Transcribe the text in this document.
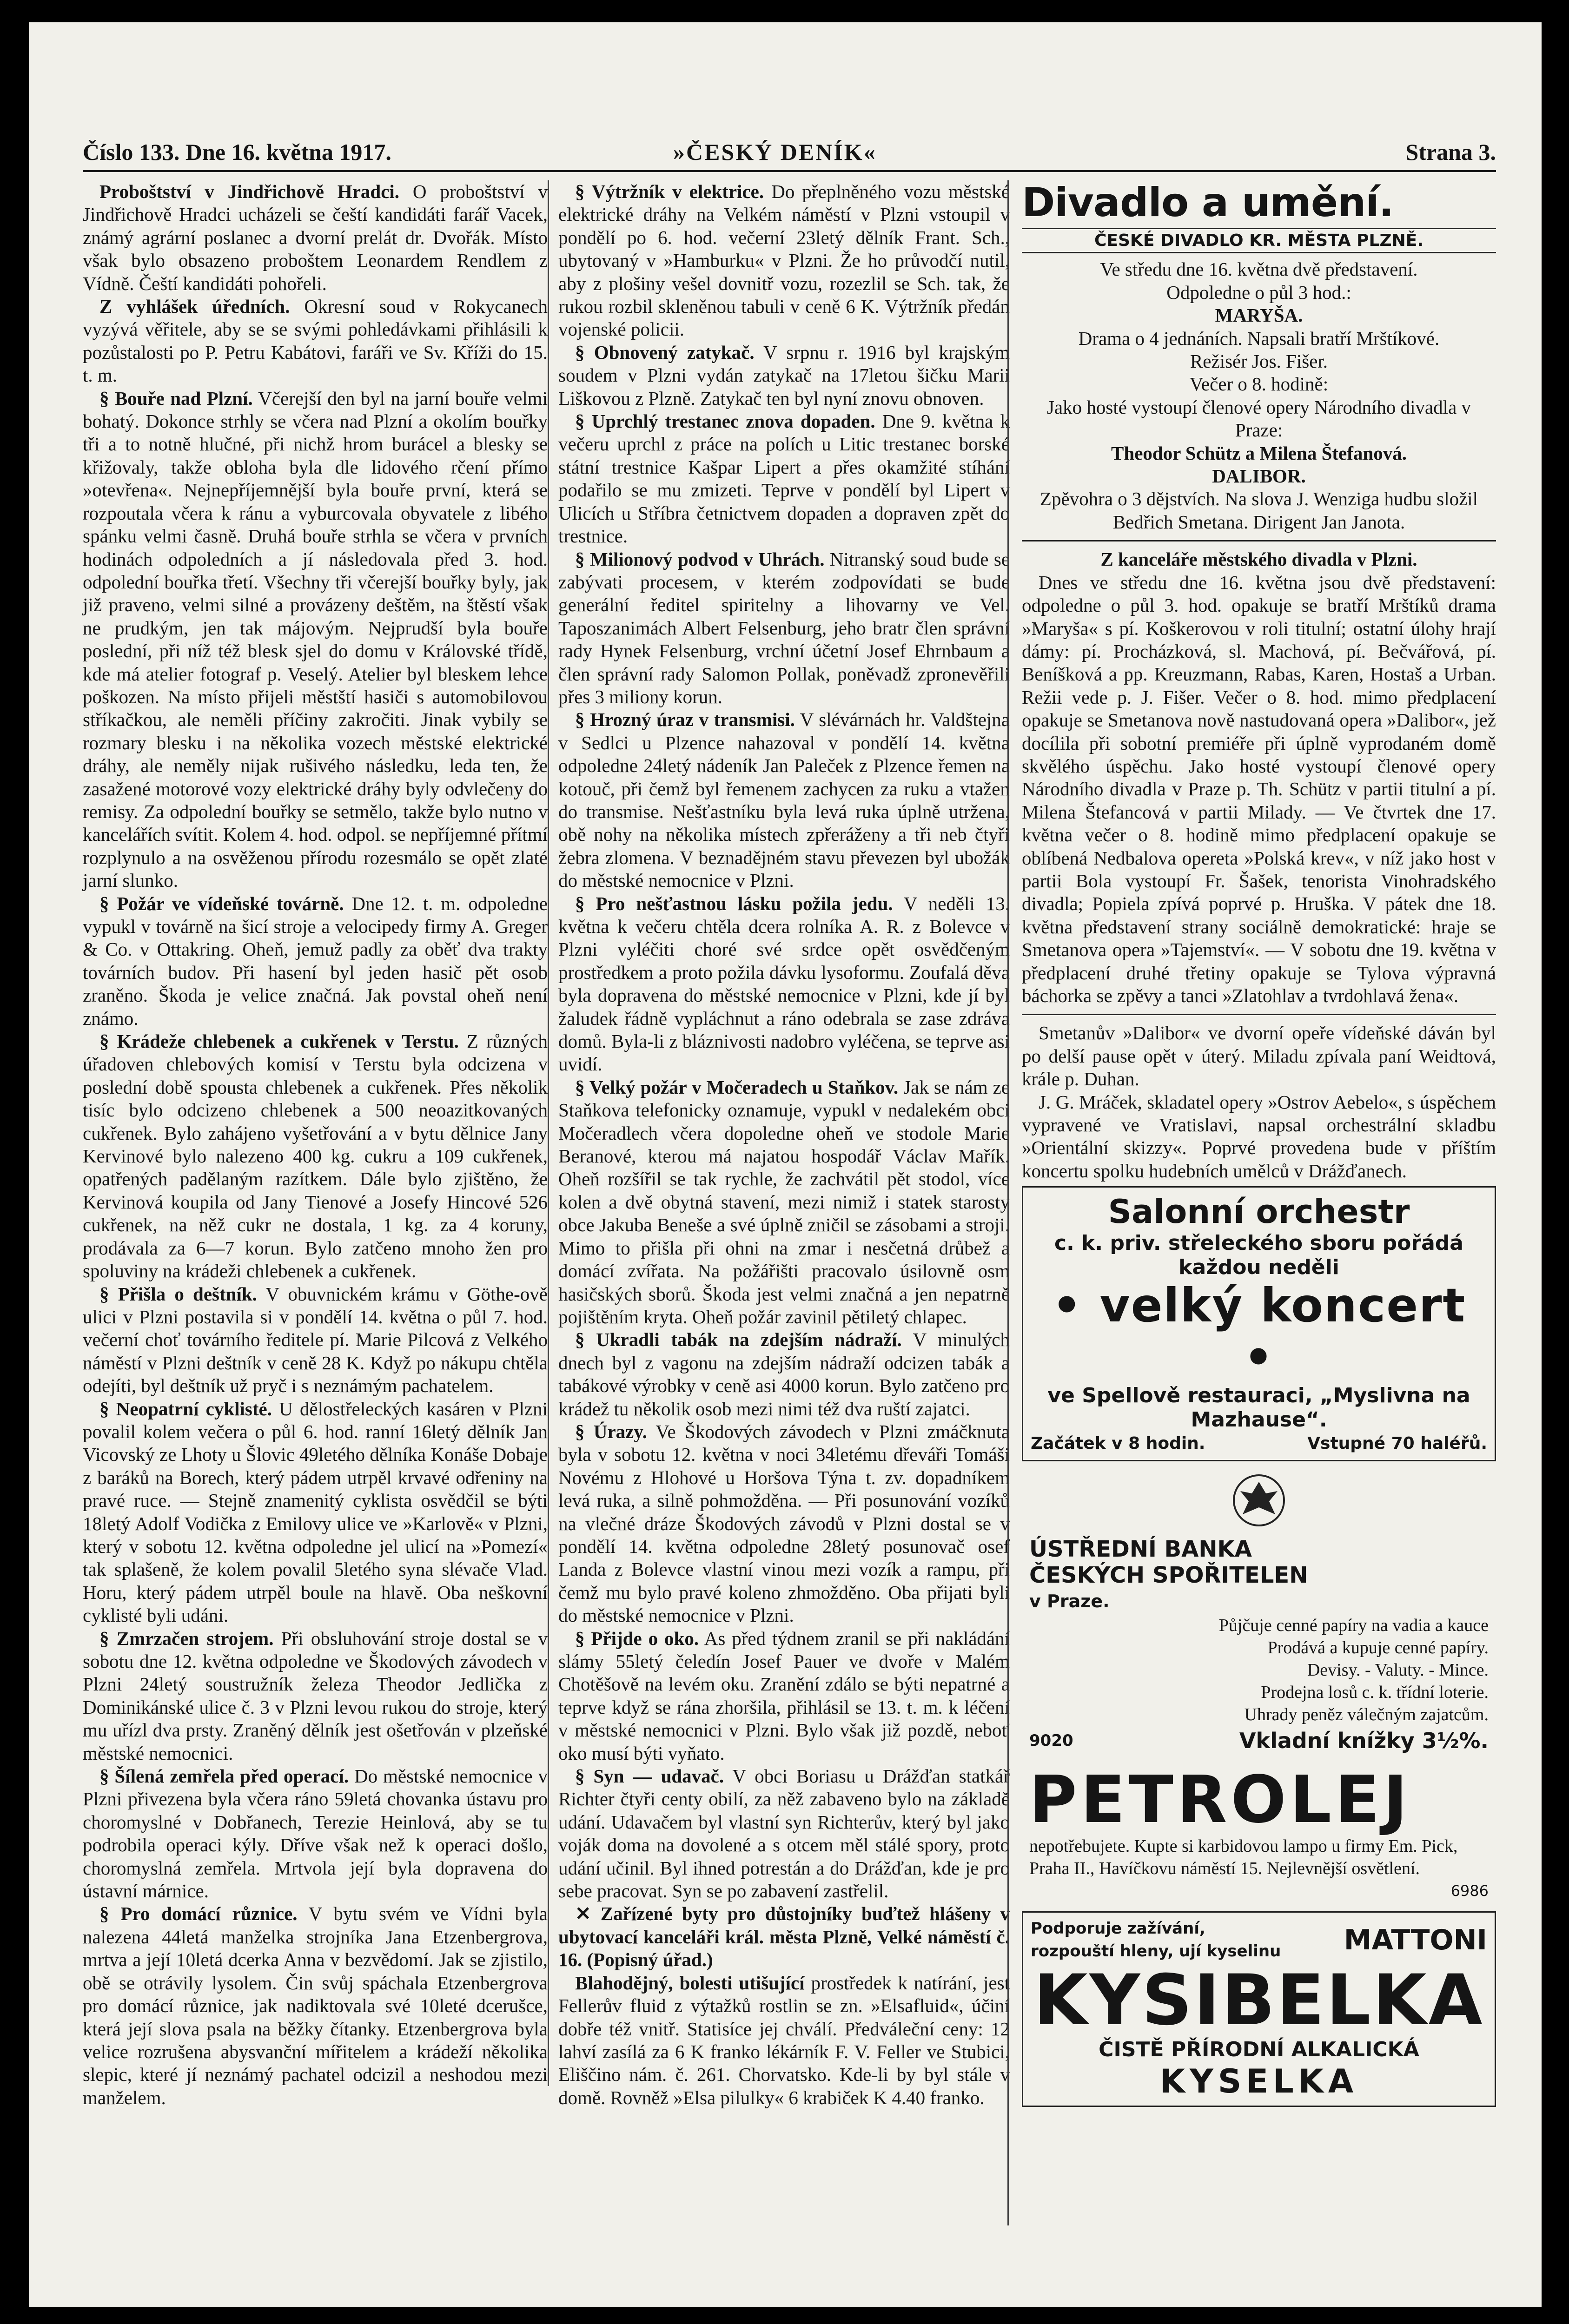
Číslo 133. Dne 16. května 1917.	»ČESKÝ DENÍK«	Strana 3.

Proboštství v Jindřichově Hradci. O proboštství v Jindřichově Hradci ucházeli se čeští kandidáti farář Vacek, známý agrární poslanec a dvorní prelát dr. Dvořák. Místo však bylo obsazeno proboštem Leonardem Rendlem z Vídně. Čeští kandidáti pohořeli.

Z vyhlášek úředních. Okresní soud v Rokycanech vyzývá věřitele, aby se se svými pohledávkami přihlásili k pozůstalosti po P. Petru Kabátovi, faráři ve Sv. Kříži do 15. t. m.

§ Bouře nad Plzní. Včerejší den byl na jarní bouře velmi bohatý. Dokonce strhly se včera nad Plzní a okolím bouřky tři a to notně hlučné, při nichž hrom burácel a blesky se křižovaly, takže obloha byla dle lidového rčení přímo »otevřena«. Nejnepříjemnější byla bouře první, která se rozpoutala včera k ránu a vyburcovala obyvatele z libého spánku velmi časně. Druhá bouře strhla se včera v prvních hodinách odpoledních a jí následovala před 3. hod. odpolední bouřka třetí. Všechny tři včerejší bouřky byly, jak již praveno, velmi silné a provázeny deštěm, na štěstí však ne prudkým, jen tak májovým. Nejprudší byla bouře poslední, při níž též blesk sjel do domu v Královské třídě, kde má atelier fotograf p. Veselý. Atelier byl bleskem lehce poškozen. Na místo přijeli městští hasiči s automobilovou stříkačkou, ale neměli příčiny zakročiti. Jinak vybily se rozmary blesku i na několika vozech městské elektrické dráhy, ale neměly nijak rušivého následku, leda ten, že zasažené motorové vozy elektrické dráhy byly odvlečeny do remisy. Za odpolední bouřky se setmělo, takže bylo nutno v kancelářích svítit. Kolem 4. hod. odpol. se nepříjemné přítmí rozplynulo a na osvěženou přírodu rozesmálo se opět zlaté jarní slunko.

§ Požár ve vídeňské továrně. Dne 12. t. m. odpoledne vypukl v továrně na šicí stroje a velocipedy firmy A. Greger & Co. v Ottakring. Oheň, jemuž padly za oběť dva trakty továrních budov. Při hasení byl jeden hasič pět osob zraněno. Škoda je velice značná. Jak povstal oheň není známo.

§ Krádeže chlebenek a cukřenek v Terstu. Z různých úřadoven chlebových komisí v Terstu byla odcizena v poslední době spousta chlebenek a cukřenek. Přes několik tisíc bylo odcizeno chlebenek a 500 neoazitkovaných cukřenek. Bylo zahájeno vyšetřování a v bytu dělnice Jany Kervinové bylo nalezeno 400 kg. cukru a 109 cukřenek, opatřených padělaným razítkem. Dále bylo zjištěno, že Kervinová koupila od Jany Tienové a Josefy Hincové 526 cukřenek, na něž cukr ne dostala, 1 kg. za 4 koruny, prodávala za 6—7 korun. Bylo zatčeno mnoho žen pro spoluviny na krádeži chlebenek a cukřenek.

§ Přišla o deštník. V obuvnickém krámu v Göthe-ově ulici v Plzni postavila si v pondělí 14. května o půl 7. hod. večerní choť továrního ředitele pí. Marie Pilcová z Velkého náměstí v Plzni deštník v ceně 28 K. Když po nákupu chtěla odejíti, byl deštník už pryč i s neznámým pachatelem.

§ Neopatrní cyklisté. U dělostřeleckých kasáren v Plzni povalil kolem večera o půl 6. hod. ranní 16letý dělník Jan Vicovský ze Lhoty u Šlovic 49letého dělníka Konáše Dobaje z baráků na Borech, který pádem utrpěl krvavé odřeniny na pravé ruce. — Stejně znamenitý cyklista osvědčil se býti 18letý Adolf Vodička z Emilovy ulice ve »Karlově« v Plzni, který v sobotu 12. května odpoledne jel ulicí na »Pomezí« tak splašeně, že kolem povalil 5letého syna slévače Vlad. Horu, který pádem utrpěl boule na hlavě. Oba neškovní cyklisté byli udáni.

§ Zmrzačen strojem. Při obsluhování stroje dostal se v sobotu dne 12. května odpoledne ve Škodových závodech v Plzni 24letý soustružník železa Theodor Jedlička z Dominikánské ulice č. 3 v Plzni levou rukou do stroje, který mu uřízl dva prsty. Zraněný dělník jest ošetřován v plzeňské městské nemocnici.

§ Šílená zemřela před operací. Do městské nemocnice v Plzni přivezena byla včera ráno 59letá chovanka ústavu pro choromyslné v Dobřanech, Terezie Heinlová, aby se tu podrobila operaci kýly. Dříve však než k operaci došlo, choromyslná zemřela. Mrtvola její byla dopravena do ústavní márnice.

§ Pro domácí různice. V bytu svém ve Vídni byla nalezena 44letá manželka strojníka Jana Etzenbergrova, mrtva a její 10letá dcerka Anna v bezvědomí. Jak se zjistilo, obě se otrávily lysolem. Čin svůj spáchala Etzenbergrova pro domácí různice, jak nadiktovala své 10leté dcerušce, která její slova psala na běžky čítanky. Etzenbergrova byla velice rozrušena abysvanční mířitelem a krádeží několika slepic, které jí neznámý pachatel odcizil a neshodou mezi manželem.

§ Výtržník v elektrice. Do přeplněného vozu městské elektrické dráhy na Velkém náměstí v Plzni vstoupil v pondělí po 6. hod. večerní 23letý dělník Frant. Sch., ubytovaný v »Hamburku« v Plzni. Že ho průvodčí nutil, aby z plošiny vešel dovnitř vozu, rozezlil se Sch. tak, že rukou rozbil skleněnou tabuli v ceně 6 K. Výtržník předán vojenské policii.

§ Obnovený zatykač. V srpnu r. 1916 byl krajským soudem v Plzni vydán zatykač na 17letou šičku Marii Liškovou z Plzně. Zatykač ten byl nyní znovu obnoven.

§ Uprchlý trestanec znova dopaden. Dne 9. května k večeru uprchl z práce na polích u Litic trestanec borské státní trestnice Kašpar Lipert a přes okamžité stíhání podařilo se mu zmizeti. Teprve v pondělí byl Lipert v Ulicích u Stříbra četnictvem dopaden a dopraven zpět do trestnice.

§ Milionový podvod v Uhrách. Nitranský soud bude se zabývati procesem, v kterém zodpovídati se bude generální ředitel spiritelny a lihovarny ve Vel. Taposzanimách Albert Felsenburg, jeho bratr člen správní rady Hynek Felsenburg, vrchní účetní Josef Ehrnbaum a člen správní rady Salomon Pollak, poněvadž zpronevěřili přes 3 miliony korun.

§ Hrozný úraz v transmisi. V slévárnách hr. Valdštejna v Sedlci u Plzence nahazoval v pondělí 14. května odpoledne 24letý nádeník Jan Paleček z Plzence řemen na kotouč, při čemž byl řemenem zachycen za ruku a vtažen do transmise. Nešťastníku byla levá ruka úplně utržena, obě nohy na několika místech zpřeráženy a tři neb čtyři žebra zlomena. V beznadějném stavu převezen byl ubožák do městské nemocnice v Plzni.

§ Pro nešťastnou lásku požila jedu. V neděli 13. května k večeru chtěla dcera rolníka A. R. z Bolevce v Plzni vyléčiti choré své srdce opět osvědčeným prostředkem a proto požila dávku lysoformu. Zoufalá děva byla dopravena do městské nemocnice v Plzni, kde jí byl žaludek řádně vypláchnut a ráno odebrala se zase zdráva domů. Byla-li z bláznivosti nadobro vyléčena, se teprve asi uvidí.

§ Velký požár v Močeradech u Staňkov. Jak se nám ze Staňkova telefonicky oznamuje, vypukl v nedalekém obci Močeradlech včera dopoledne oheň ve stodole Marie Beranové, kterou má najatou hospodář Václav Mařík. Oheň rozšířil se tak rychle, že zachvátil pět stodol, více kolen a dvě obytná stavení, mezi nimiž i statek starosty obce Jakuba Beneše a své úplně zničil se zásobami a stroji. Mimo to přišla při ohni na zmar i nesčetná drůbež a domácí zvířata. Na požářišti pracovalo úsilovně osm hasičských sborů. Škoda jest velmi značná a jen nepatrně pojištěním kryta. Oheň požár zavinil pětiletý chlapec.

§ Ukradli tabák na zdejším nádraží. V minulých dnech byl z vagonu na zdejším nádraží odcizen tabák a tabákové výrobky v ceně asi 4000 korun. Bylo zatčeno pro krádež tu několik osob mezi nimi též dva ruští zajatci.

§ Úrazy. Ve Škodových závodech v Plzni zmáčknuta byla v sobotu 12. května v noci 34letému dřeváři Tomáši Novému z Hlohové u Horšova Týna t. zv. dopadníkem levá ruka, a silně pohmožděna. — Při posunování vozíků na vlečné dráze Škodových závodů v Plzni dostal se v pondělí 14. května odpoledne 28letý posunovač osef Landa z Bolevce vlastní vinou mezi vozík a rampu, při čemž mu bylo pravé koleno zhmožděno. Oba přijati byli do městské nemocnice v Plzni.

§ Přijde o oko. As před týdnem zranil se při nakládání slámy 55letý čeledín Josef Pauer ve dvoře v Malém Chotěšově na levém oku. Zranění zdálo se býti nepatrné a teprve když se rána zhoršila, přihlásil se 13. t. m. k léčení v městské nemocnici v Plzni. Bylo však již pozdě, neboť oko musí býti vyňato.

§ Syn — udavač. V obci Boriasu u Drážďan statkář Richter čtyři centy obilí, za něž zabaveno bylo na základě udání. Udavačem byl vlastní syn Richterův, který byl jako voják doma na dovolené a s otcem měl stálé spory, proto udání učinil. Byl ihned potrestán a do Drážďan, kde je pro sebe pracovat. Syn se po zabavení zastřelil.

✕ Zařízené byty pro důstojníky buďtež hlášeny v ubytovací kanceláři král. města Plzně, Velké náměstí č. 16. (Popisný úřad.)

Blahodějný, bolesti utišující prostředek k natírání, jest Fellerův fluid z výtažků rostlin se zn. »Elsafluid«, účiní dobře též vnitř. Statisíce jej chválí. Předváleční ceny: 12 lahví zasílá za 6 K franko lékárník F. V. Feller ve Stubici, Eliščino nám. č. 261. Chorvatsko. Kde-li by byl stále v domě. Rovněž »Elsa pilulky« 6 krabiček K 4.40 franko.

Divadlo a umění.

ČESKÉ DIVADLO KR. MĚSTA PLZNĚ.

Ve středu dne 16. května dvě představení.

Odpoledne o půl 3 hod.:

MARYŠA.

Drama o 4 jednáních. Napsali bratří Mrštíkové.

Režisér Jos. Fišer.

Večer o 8. hodině:

Jako hosté vystoupí členové opery Národního divadla v Praze:

Theodor Schütz a Milena Štefanová.

DALIBOR.

Zpěvohra o 3 dějstvích. Na slova J. Wenziga hudbu složil Bedřich Smetana. Dirigent Jan Janota.

Z kanceláře městského divadla v Plzni.

Dnes ve středu dne 16. května jsou dvě představení: odpoledne o půl 3. hod. opakuje se bratří Mrštíků drama »Maryša« s pí. Koškerovou v roli titulní; ostatní úlohy hrají dámy: pí. Procházková, sl. Machová, pí. Bečvářová, pí. Beníšková a pp. Kreuzmann, Rabas, Karen, Hostaš a Urban. Režii vede p. J. Fišer. Večer o 8. hod. mimo předplacení opakuje se Smetanova nově nastudovaná opera »Dalibor«, jež docílila při sobotní premiéře při úplně vyprodaném domě skvělého úspěchu. Jako hosté vystoupí členové opery Národního divadla v Praze p. Th. Schütz v partii titulní a pí. Milena Štefancová v partii Milady. — Ve čtvrtek dne 17. května večer o 8. hodině mimo předplacení opakuje se oblíbená Nedbalova opereta »Polská krev«, v níž jako host v partii Bola vystoupí Fr. Šašek, tenorista Vinohradského divadla; Popiela zpívá poprvé p. Hruška. V pátek dne 18. května představení strany sociálně demokratické: hraje se Smetanova opera »Tajemství«. — V sobotu dne 19. května v předplacení druhé třetiny opakuje se Tylova výpravná báchorka se zpěvy a tanci »Zlatohlav a tvrdohlavá žena«.

Smetanův »Dalibor« ve dvorní opeře vídeňské dáván byl po delší pause opět v úterý. Miladu zpívala paní Weidtová, krále p. Duhan.

J. G. Mráček, skladatel opery »Ostrov Aebelo«, s úspěchem vypravené ve Vratislavi, napsal orchestrální skladbu »Orientální skizzy«. Poprvé provedena bude v příštím koncertu spolku hudebních umělců v Drážďanech.

Salonní orchestr
c. k. priv. střeleckého sboru pořádá
každou neděli
• velký koncert •
ve Spellově restauraci, „Myslivna na Mazhause“.
Začátek v 8 hodin.	Vstupné 70 haléřů.
ÚSTŘEDNÍ BANKA
ČESKÝCH SPOŘITELEN
v Praze.
Půjčuje cenné papíry na vadia a kauce
Prodává a kupuje cenné papíry.
Devisy. - Valuty. - Mince.
Prodejna losů c. k. třídní loterie.
Uhrady peněz válečným zajatcům.
9020	Vkladní knížky 3½%.
PETROLEJ
nepotřebujete. Kupte si karbidovou lampo u firmy Em. Pick, Praha II., Havíčkovu náměstí 15. Nejlevnější osvětlení.
6986
Podporuje zažívání, rozpouští hleny, ují kyselinu MATTONI
KYSIBELKA
ČISTĚ PŘÍRODNÍ ALKALICKÁ
KYSELKA
